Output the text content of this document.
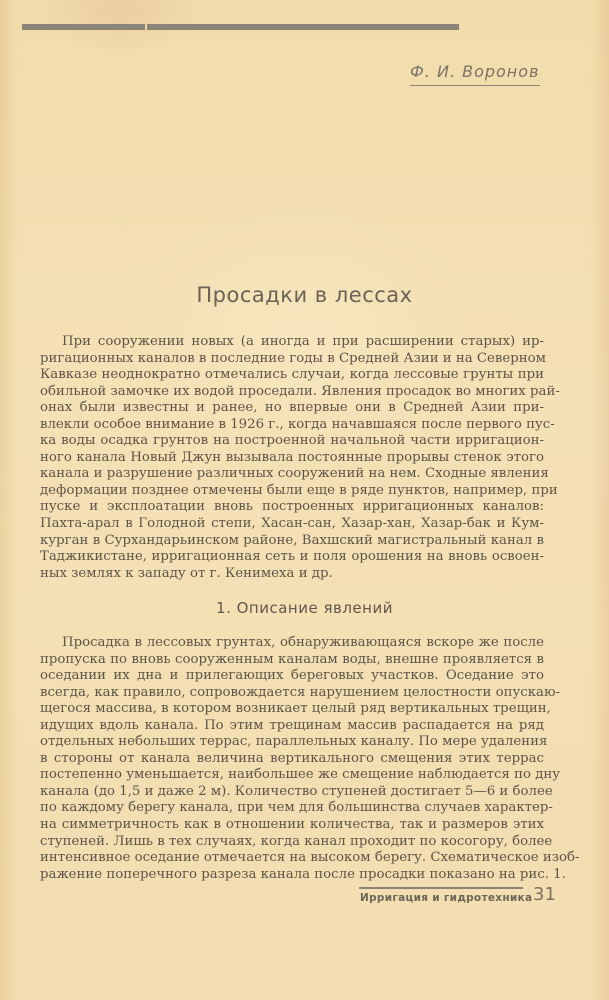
Ф. И. Воронов
Просадки в лессах

При сооружении новых (а иногда и при расширении старых) ир-
ригационных каналов в последние годы в Средней Азии и на Северном
Кавказе неоднократно отмечались случаи, когда лессовые грунты при
обильной замочке их водой проседали. Явления просадок во многих рай-
онах были известны и ранее, но впервые они в Средней Азии при-
влекли особое внимание в 1926 г., когда начавшаяся после первого пус-
ка воды осадка грунтов на построенной начальной части ирригацион-
ного канала Новый Джун вызывала постоянные прорывы стенок этого
канала и разрушение различных сооружений на нем. Сходные явления
деформации позднее отмечены были еще в ряде пунктов, например, при
пуске и эксплоатации вновь построенных ирригационных каналов:
Пахта-арал в Голодной степи, Хасан-сан, Хазар-хан, Хазар-бак и Кум-
курган в Сурхандарьинском районе, Вахшский магистральный канал в
Таджикистане, ирригационная сеть и поля орошения на вновь освоен-
ных землях к западу от г. Кенимеха и др.

1. Описание явлений

Просадка в лессовых грунтах, обнаруживающаяся вскоре же после
пропуска по вновь сооруженным каналам воды, внешне проявляется в
оседании их дна и прилегающих береговых участков. Оседание это
всегда, как правило, сопровождается нарушением целостности опускаю-
щегося массива, в котором возникает целый ряд вертикальных трещин,
идущих вдоль канала. По этим трещинам массив распадается на ряд
отдельных небольших террас, параллельных каналу. По мере удаления
в стороны от канала величина вертикального смещения этих террас
постепенно уменьшается, наибольшее же смещение наблюдается по дну
канала (до 1,5 и даже 2 м). Количество ступеней достигает 5—6 и более
по каждому берегу канала, при чем для большинства случаев характер-
на симметричность как в отношении количества, так и размеров этих
ступеней. Лишь в тех случаях, когда канал проходит по косогору, более
интенсивное оседание отмечается на высоком берегу. Схематическое изоб-
ражение поперечного разреза канала после просадки показано на рис. 1.

Ирригация и гидротехника 31
